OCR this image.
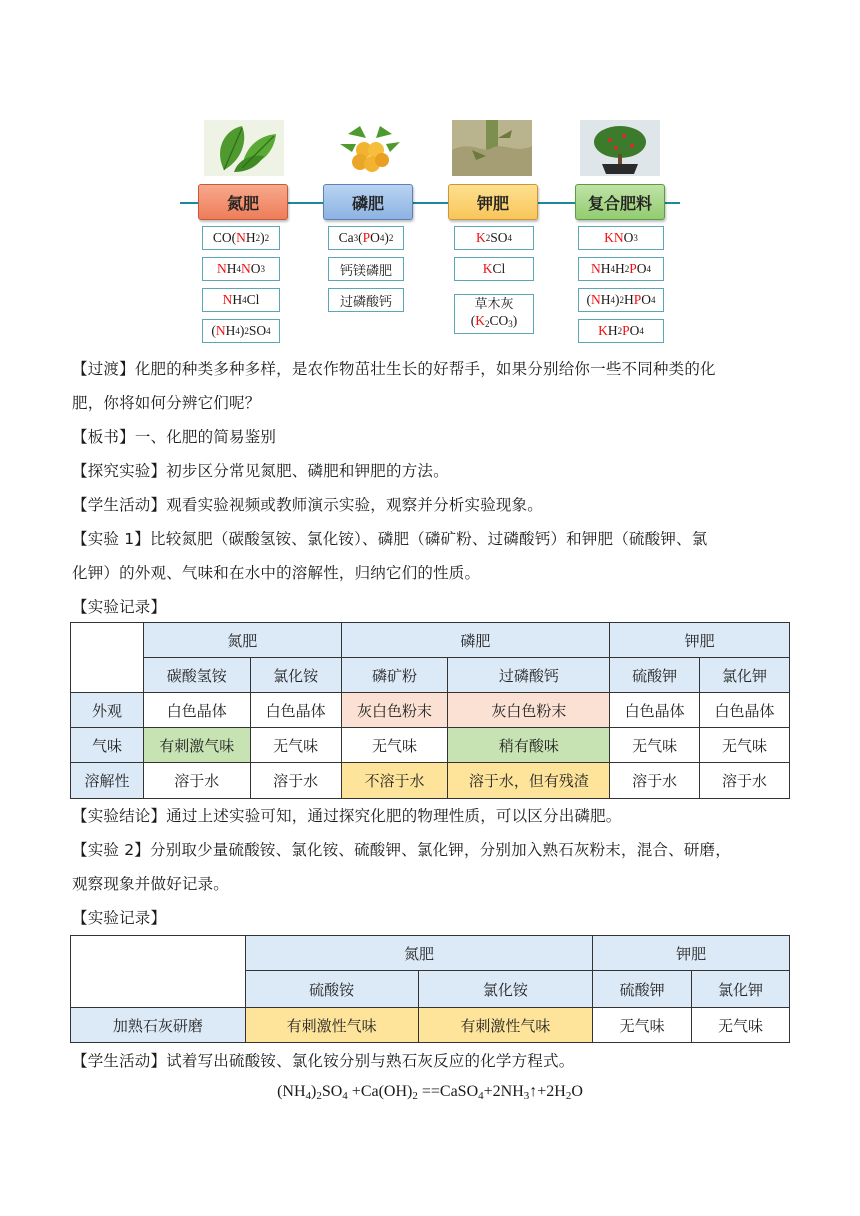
氮肥	磷肥	钾肥	复合肥料
CO( N H 2 ) 2
N H 4 N O 3
N H 4 Cl
( N H 4 ) 2 SO 4
Ca 3 ( P O 4 ) 2
钙镁磷肥
过磷酸钙
K 2 SO 4
K Cl
草木灰
$(K_2CO_3)$
K N O 3
N H 4 H 2 P O 4
( N H 4 ) 2 H P O 4
K H 2 P O 4
【过渡】化肥的种类多种多样，是农作物茁壮生长的好帮手，如果分别给你一些不同种类的化
肥，你将如何分辨它们呢？
【板书】一、化肥的简易鉴别
【探究实验】初步区分常见氮肥、磷肥和钾肥的方法。
【学生活动】观看实验视频或教师演示实验，观察并分析实验现象。
【实验 1】比较氮肥（碳酸氢铵、氯化铵）、磷肥（磷矿粉、过磷酸钙）和钾肥（硫酸钾、氯
化钾）的外观、气味和在水中的溶解性，归纳它们的性质。
【实验记录】
	氮肥		磷肥		钾肥	
	碳酸氢铵	氯化铵	磷矿粉	过磷酸钙	硫酸钾	氯化钾
外观	白色晶体	白色晶体	灰白色粉末	灰白色粉末	白色晶体	白色晶体
气味	有刺激气味	无气味	无气味	稍有酸味	无气味	无气味
溶解性	溶于水	溶于水	不溶于水	溶于水，但有残渣	溶于水	溶于水
【实验结论】通过上述实验可知，通过探究化肥的物理性质，可以区分出磷肥。
【实验 2】分别取少量硫酸铵、氯化铵、硫酸钾、氯化钾，分别加入熟石灰粉末，混合、研磨，
观察现象并做好记录。
【实验记录】
	氮肥		钾肥	
	硫酸铵	氯化铵	硫酸钾	氯化钾
加熟石灰研磨	有刺激性气味	有刺激性气味	无气味	无气味
【学生活动】试着写出硫酸铵、氯化铵分别与熟石灰反应的化学方程式。
$(NH_4)_2SO_4 +Ca(OH)_2$ $==CaSO_4+2NH_3↑+2H_2O$
